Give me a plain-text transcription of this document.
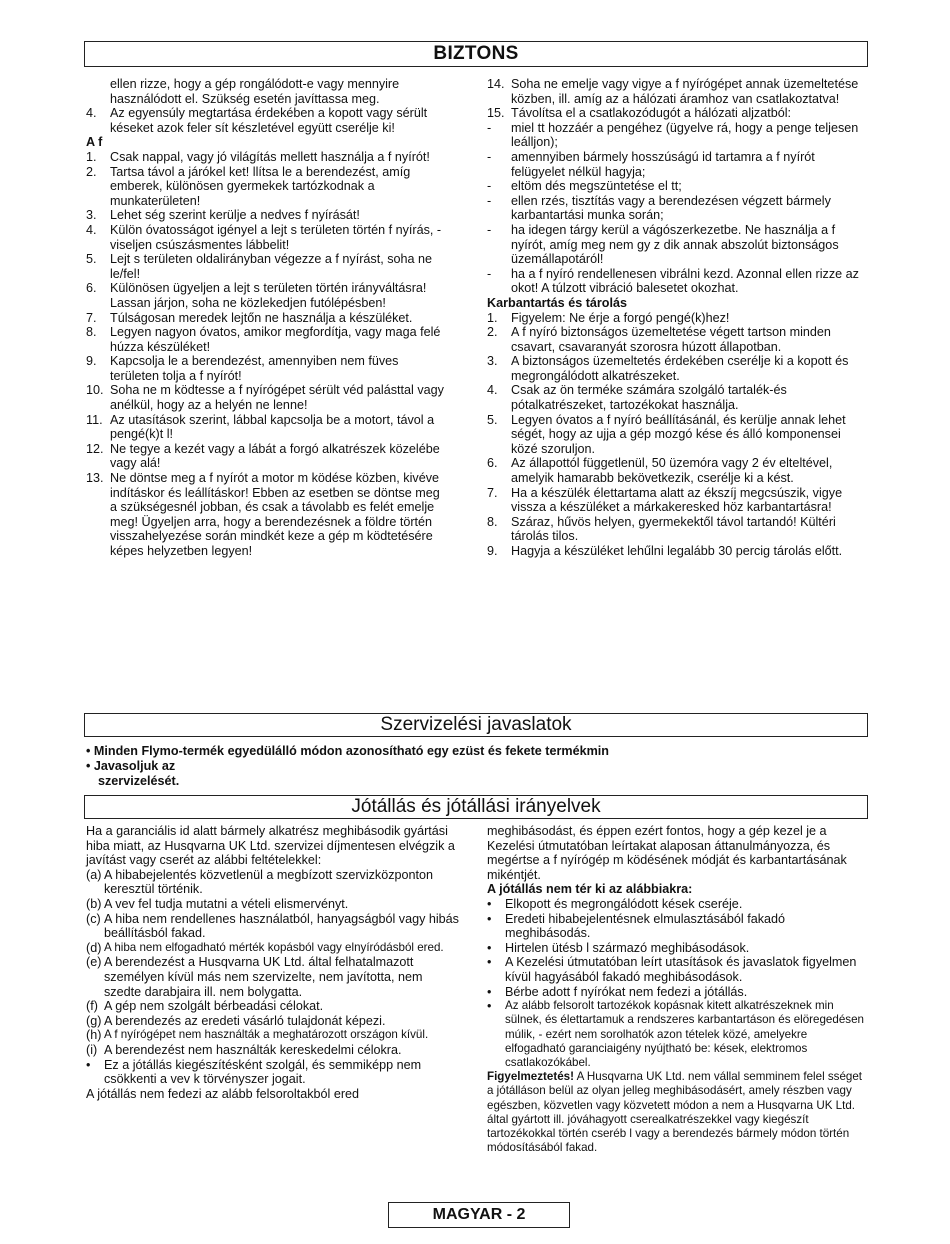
BIZTONS
ellen rizze, hogy a gép rongálódott-e vagy mennyire használódott el. Szükség esetén javíttassa meg.
4.	Az egyensúly megtartása érdekében a kopott vagy sérült késeket azok feler sít készletével együtt cserélje ki!

A f

1.	Csak nappal, vagy jó világítás mellett használja a f nyírót!
2.	Tartsa távol a járókel ket! llítsa le a berendezést, amíg emberek, különösen gyermekek tartózkodnak a munkaterületen!
3.	Lehet ség szerint kerülje a nedves f nyírását!
4.	Külön óvatosságot igényel a lejt s területen történ f nyírás, - viseljen csúszásmentes lábbelit!
5.	Lejt s területen oldalirányban végezze a f nyírást, soha ne le/fel!
6.	Különösen ügyeljen a lejt s területen történ irányváltásra! Lassan járjon, soha ne közlekedjen futólépésben!
7.	Túlságosan meredek lejtőn ne használja a készüléket.
8.	Legyen nagyon óvatos, amikor megfordítja, vagy maga felé húzza készüléket!
9.	Kapcsolja le a berendezést, amennyiben nem füves területen tolja a f nyírót!
10. Soha ne m ködtesse a f nyírógépet sérült véd palásttal vagy anélkül, hogy az a helyén ne lenne!
11. Az utasítások szerint, lábbal kapcsolja be a motort, távol a pengé(k)t l!
12. Ne tegye a kezét vagy a lábát a forgó alkatrészek közelébe vagy alá!
13. Ne döntse meg a f nyírót a motor m ködése közben, kivéve indításkor és leállításkor! Ebben az esetben se döntse meg a szükségesnél jobban, és csak a távolabb es felét emelje meg! Ügyeljen arra, hogy a berendezésnek a földre történ visszahelyezése során mindkét keze a gép m ködtetésére képes helyzetben legyen!
14. Soha ne emelje vagy vigye a f nyírógépet annak üzemeltetése közben, ill. amíg az a hálózati áramhoz van csatlakoztatva!
15. Távolítsa el a csatlakozódugót a hálózati aljzatból:
-	miel tt hozzáér a pengéhez (ügyelve rá, hogy a penge teljesen leálljon);
-	amennyiben bármely hosszúságú id tartamra a f nyírót felügyelet nélkül hagyja;
-	eltöm dés megszüntetése el tt;
-	ellen rzés, tisztítás vagy a berendezésen végzett bármely karbantartási munka során;
-	ha idegen tárgy kerül a vágószerkezetbe. Ne használja a f nyírót, amíg meg nem gy z dik annak abszolút biztonságos üzemállapotáról!
-	ha a f nyíró rendellenesen vibrálni kezd. Azonnal ellen rizze az okot! A túlzott vibráció balesetet okozhat.

Karbantartás és tárolás

1.	Figyelem: Ne érje a forgó pengé(k)hez!
2.	A f nyíró biztonságos üzemeltetése végett tartson minden csavart, csavaranyát szorosra húzott állapotban.
3.	A biztonságos üzemeltetés érdekében cserélje ki a kopott és megrongálódott alkatrészeket.
4.	Csak az ön terméke számára szolgáló tartalék-és pótalkatrészeket, tartozékokat használja.
5.	Legyen óvatos a f nyíró beállításánál, és kerülje annak lehet ségét, hogy az ujja a gép mozgó kése és álló komponensei közé szoruljon.
6.	Az állapottól függetlenül, 50 üzemóra vagy 2 év elteltével, amelyik hamarabb bekövetkezik, cserélje ki a kést.
7.	Ha a készülék élettartama alatt az ékszíj megcsúszik, vigye vissza a készüléket a márkakeresked höz karbantartásra!
8.	Száraz, hűvös helyen, gyermekektől távol tartandó! Kültéri tárolás tilos.
9.	Hagyja a készüléket lehűlni legalább 30 percig tárolás előtt.
Szervizelési javaslatok

• Minden Flymo-termék egyedülálló módon azonosítható egy ezüst és fekete termékmin

• Javasoljuk az

szervizelését.

Jótállás és jótállási irányelvek

Ha a garanciális id alatt bármely alkatrész meghibásodik gyártási hiba miatt, az Husqvarna UK Ltd. szervizei díjmentesen elvégzik a javítást vagy cserét az alábbi feltételekkel:

(a) A hibabejelentés közvetlenül a megbízott szervizközponton keresztül történik.
(b) A vev fel tudja mutatni a vételi elismervényt.
(c) A hiba nem rendellenes használatból, hanyagságból vagy hibás beállításból fakad.
(d) A hiba nem elfogadható mérték kopásból vagy elnyíródásból ered.
(e) A berendezést a Husqvarna UK Ltd. által felhatalmazott személyen kívül más nem szervizelte, nem javította, nem szedte darabjaira ill. nem bolygatta.
(f) A gép nem szolgált bérbeadási célokat.
(g) A berendezés az eredeti vásárló tulajdonát képezi.
(h) A f nyírógépet nem használták a meghatározott országon kívül.
(i) A berendezést nem használták kereskedelmi célokra.
•	Ez a jótállás kiegészítésként szolgál, és semmiképp nem csökkenti a vev k törvényszer jogait.

A jótállás nem fedezi az alább felsoroltakból ered

meghibásodást, és éppen ezért fontos, hogy a gép kezel je a Kezelési útmutatóban leírtakat alaposan áttanulmányozza, és megértse a f nyírógép m ködésének módját és karbantartásának mikéntjét.

A jótállás nem tér ki az alábbiakra:

•	Elkopott és megrongálódott kések cseréje.
•	Eredeti hibabejelentésnek elmulasztásából fakadó meghibásodás.
•	Hirtelen ütésb l származó meghibásodások.
•	A Kezelési útmutatóban leírt utasítások és javaslatok figyelmen kívül hagyásából fakadó meghibásodások.
•	Bérbe adott f nyírókat nem fedezi a jótállás.
•	Az alább felsorolt tartozékok kopásnak kitett alkatrészeknek min sülnek, és élettartamuk a rendszeres karbantartáson és elöregedésen múlik, - ezért nem sorolhatók azon tételek közé, amelyekre elfogadható garanciaigény nyújtható be: kések, elektromos csatlakozókábel.

Figyelmeztetés! A Husqvarna UK Ltd. nem vállal semminem felel sséget a jótálláson belül az olyan jelleg meghibásodásért, amely részben vagy egészben, közvetlen vagy közvetett módon a nem a Husqvarna UK Ltd. által gyártott ill. jóváhagyott cserealkatrészekkel vagy kiegészít tartozékokkal történ cseréb l vagy a berendezés bármely módon történ módosításából fakad.

MAGYAR - 2
